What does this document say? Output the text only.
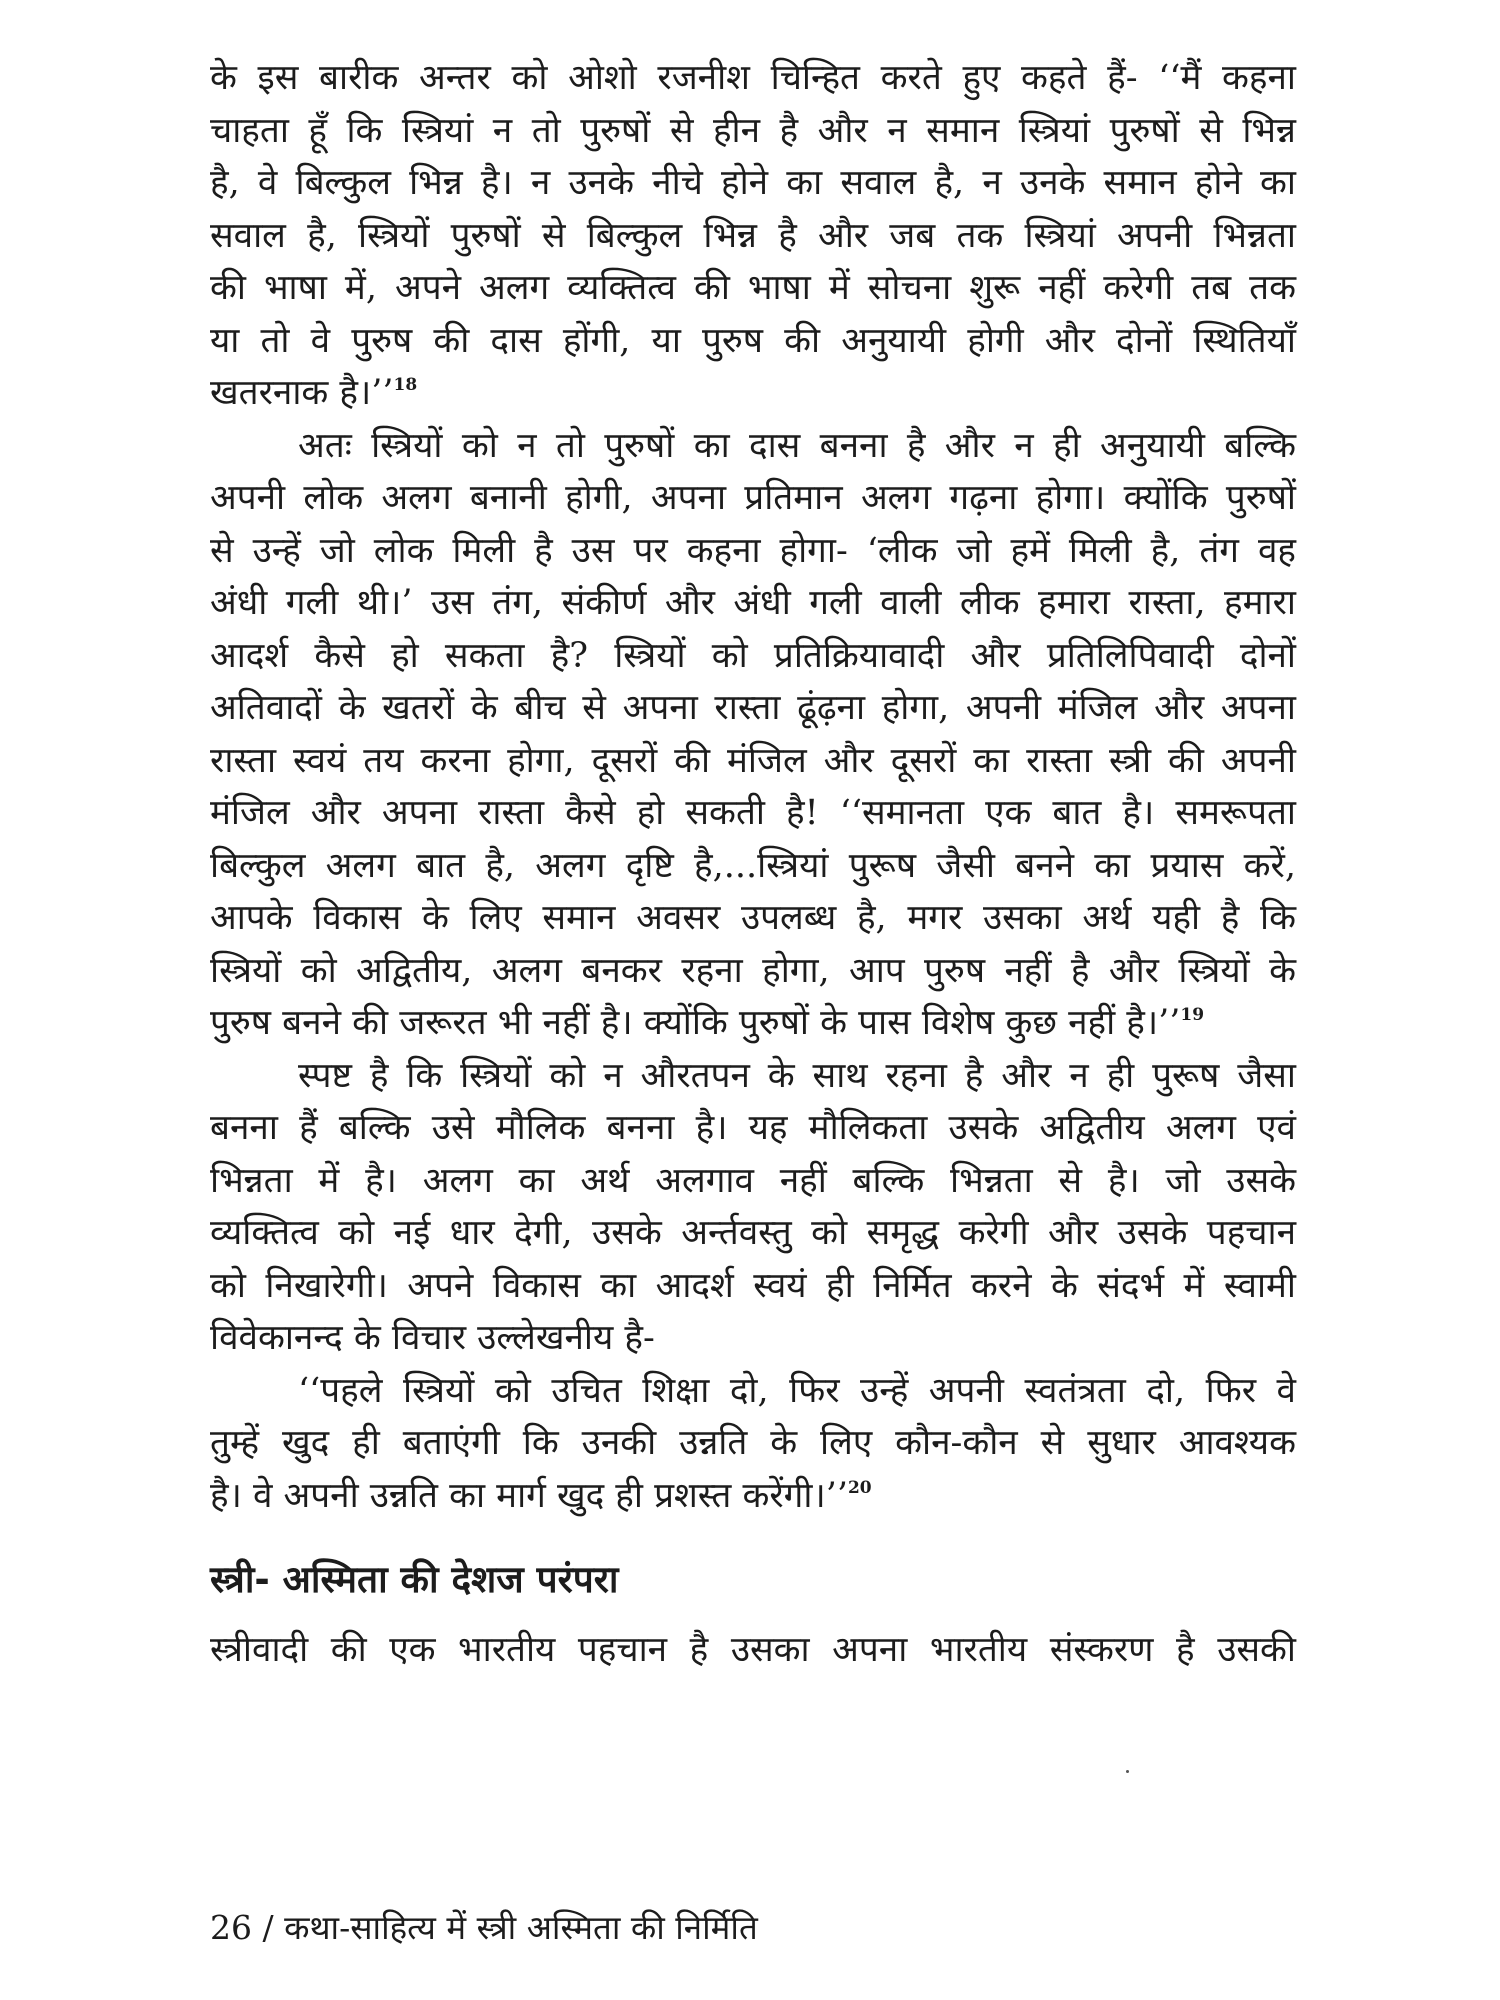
के इस बारीक अन्तर को ओशो रजनीश चिन्हित करते हुए कहते हैं- ‘‘मैं कहना
चाहता हूँ कि स्त्रियां न तो पुरुषों से हीन है और न समान स्त्रियां पुरुषों से भिन्न
है, वे बिल्कुल भिन्न है। न उनके नीचे होने का सवाल है, न उनके समान होने का
सवाल है, स्त्रियों पुरुषों से बिल्कुल भिन्न है और जब तक स्त्रियां अपनी भिन्नता
की भाषा में, अपने अलग व्यक्तित्व की भाषा में सोचना शुरू नहीं करेगी तब तक
या तो वे पुरुष की दास होंगी, या पुरुष की अनुयायी होगी और दोनों स्थितियाँ
खतरनाक है।’’$^{18}$
अतः स्त्रियों को न तो पुरुषों का दास बनना है और न ही अनुयायी बल्कि
अपनी लोक अलग बनानी होगी, अपना प्रतिमान अलग गढ़ना होगा। क्योंकि पुरुषों
से उन्हें जो लोक मिली है उस पर कहना होगा- ‘लीक जो हमें मिली है, तंग वह
अंधी गली थी।’ उस तंग, संकीर्ण और अंधी गली वाली लीक हमारा रास्ता, हमारा
आदर्श कैसे हो सकता है? स्त्रियों को प्रतिक्रियावादी और प्रतिलिपिवादी दोनों
अतिवादों के खतरों के बीच से अपना रास्ता ढूंढ़ना होगा, अपनी मंजिल और अपना
रास्ता स्वयं तय करना होगा, दूसरों की मंजिल और दूसरों का रास्ता स्त्री की अपनी
मंजिल और अपना रास्ता कैसे हो सकती है! ‘‘समानता एक बात है। समरूपता
बिल्कुल अलग बात है, अलग दृष्टि है,...स्त्रियां पुरूष जैसी बनने का प्रयास करें,
आपके विकास के लिए समान अवसर उपलब्ध है, मगर उसका अर्थ यही है कि
स्त्रियों को अद्वितीय, अलग बनकर रहना होगा, आप पुरुष नहीं है और स्त्रियों के
पुरुष बनने की जरूरत भी नहीं है। क्योंकि पुरुषों के पास विशेष कुछ नहीं है।’’$^{19}$
स्पष्ट है कि स्त्रियों को न औरतपन के साथ रहना है और न ही पुरूष जैसा
बनना हैं बल्कि उसे मौलिक बनना है। यह मौलिकता उसके अद्वितीय अलग एवं
भिन्नता में है। अलग का अर्थ अलगाव नहीं बल्कि भिन्नता से है। जो उसके
व्यक्तित्व को नई धार देगी, उसके अर्न्तवस्तु को समृद्ध करेगी और उसके पहचान
को निखारेगी। अपने विकास का आदर्श स्वयं ही निर्मित करने के संदर्भ में स्वामी
विवेकानन्द के विचार उल्लेखनीय है-
‘‘पहले स्त्रियों को उचित शिक्षा दो, फिर उन्हें अपनी स्वतंत्रता दो, फिर वे
तुम्हें खुद ही बताएंगी कि उनकी उन्नति के लिए कौन-कौन से सुधार आवश्यक
है। वे अपनी उन्नति का मार्ग खुद ही प्रशस्त करेंगी।’’$^{20}$
स्त्री- अस्मिता की देशज परंपरा
स्त्रीवादी की एक भारतीय पहचान है उसका अपना भारतीय संस्करण है उसकी
26 / कथा-साहित्य में स्त्री अस्मिता की निर्मिति
